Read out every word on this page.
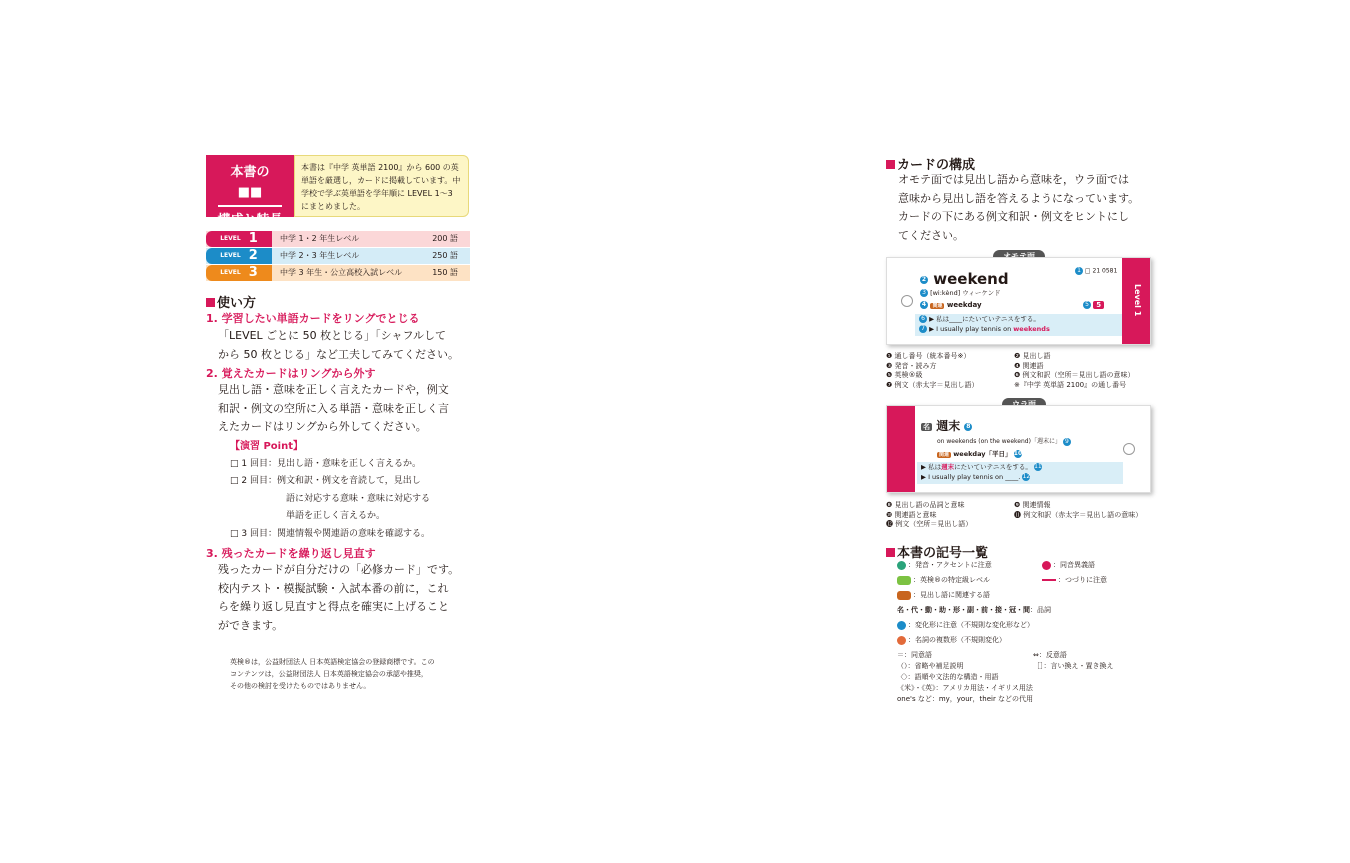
本書の ■■
構成と特長
本書は『中学 英単語 2100』から 600 の英単語を厳選し，カードに掲載しています。中学校で学ぶ英単語を学年順に LEVEL 1〜3 にまとめました。
LEVEL 1	中学 1・2 年生レベル	200 語
LEVEL 2	中学 2・3 年生レベル	250 語
LEVEL 3	中学 3 年生・公立高校入試レベル	150 語
使い方
1. 学習したい単語カードをリングでとじる
「LEVEL ごとに 50 枚とじる」「シャフルして
から 50 枚とじる」など工夫してみてください。
2. 覚えたカードはリングから外す
見出し語・意味を正しく言えたカードや，例文
和訳・例文の空所に入る単語・意味を正しく言
えたカードはリングから外してください。
【演習 Point】
□ 1 回目：見出し語・意味を正しく言えるか。
□ 2 回目：例文和訳・例文を音読して，見出し
語に対応する意味・意味に対応する
単語を正しく言えるか。
□ 3 回目：関連情報や関連語の意味を確認する。
3. 残ったカードを繰り返し見直す
残ったカードが自分だけの「必修カード」です。
校内テスト・模擬試験・入試本番の前に，これ
らを繰り返し見直すと得点を確実に上げること
ができます。
英検®は，公益財団法人 日本英語検定協会の登録商標です。この
コンテンツは，公益財団法人 日本英語検定協会の承認や推奨，
その他の検討を受けたものではありません。
カードの構成
オモテ面では見出し語から意味を，ウラ面では
意味から見出し語を答えるようになっています。
カードの下にある例文和訳・例文をヒントにし
てください。
2 weekend
3 [wi:kènd] ウィーケンド
4 関連 weekday
1 □ 21 0581
5 5
6 ▶ 私は____にたいていテニスをする。
7 ▶ I usually play tennis on weekends
Level 1
❶ 通し番号（統本番号※）	❷ 見出し語
❸ 発音・読み方	❹ 関連語
❺ 英検®級	❻ 例文和訳（空所＝見出し語の意味）
❼ 例文（赤太字＝見出し語）	※『中学 英単語 2100』の通し番号
名 週末 8
on weekends (on the weekend)「週末に」 9
関連 weekday「平日」 10
▶ 私は週末にたいていテニスをする。 11
▶ I usually play tennis on ____. 12
❽ 見出し語の品詞と意味	❾ 関連情報
❿ 関連語と意味	⓫ 例文和訳（赤太字＝見出し語の意味）
⓬ 例文（空所＝見出し語）
本書の記号一覧
：発音・アクセントに注意	：同音異義語
：英検®の特定級レベル	：つづりに注意
：見出し語に関連する語
名・代・動・助・形・副・前・接・冠・間：品詞
：変化形に注意（不規則な変化形など）
：名詞の複数形（不規則変化）
＝：同意語	⇔：反意語
（）：省略や補足説明	［］：言い換え・置き換え
〈〉：語順や文法的な構造・用語
《米》・《英》：アメリカ用法・イギリス用法
one's など：my，your，their などの代用
